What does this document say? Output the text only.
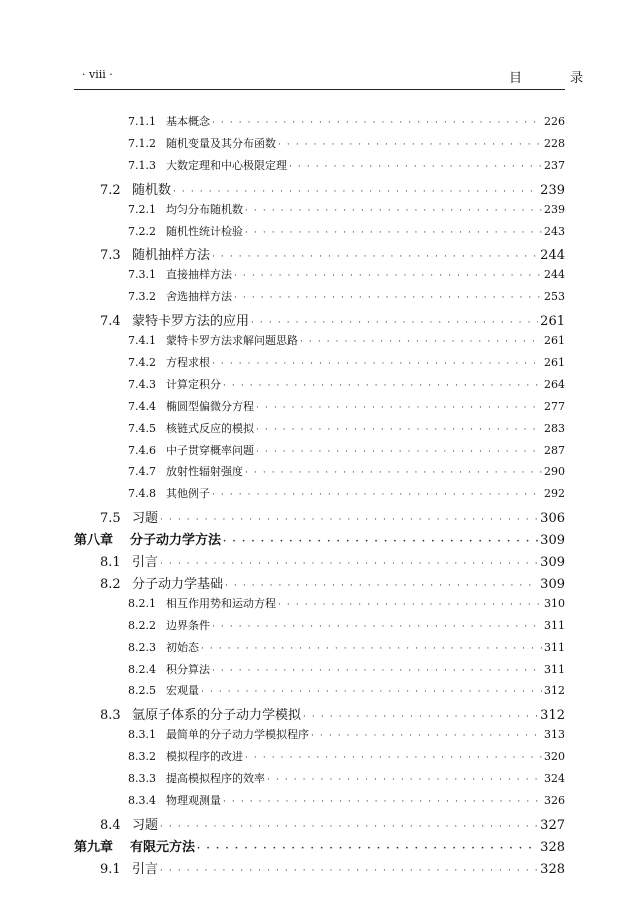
· viii ·	目 录
7.1.1 基本概念 · · ·	226
7.1.2 随机变量及其分布函数 · · ·	228
7.1.3 大数定理和中心极限定理 · · ·	237
7.2 随机数 · · ·	239
7.2.1 均匀分布随机数 · · ·	239
7.2.2 随机性统计检验 · · ·	243
7.3 随机抽样方法 · · ·	244
7.3.1 直接抽样方法 · · ·	244
7.3.2 舍选抽样方法 · · ·	253
7.4 蒙特卡罗方法的应用 · · ·	261
7.4.1 蒙特卡罗方法求解问题思路 · · ·	261
7.4.2 方程求根 · · ·	261
7.4.3 计算定积分 · · ·	264
7.4.4 椭圆型偏微分方程 · · ·	277
7.4.5 核链式反应的模拟 · · ·	283
7.4.6 中子贯穿概率问题 · · ·	287
7.4.7 放射性辐射强度 · · ·	290
7.4.8 其他例子 · · ·	292
7.5 习题 · · ·	306
第八章	分子动力学方法 · · ·	309
8.1 引言 · · ·	309
8.2 分子动力学基础 · · ·	309
8.2.1 相互作用势和运动方程 · · ·	310
8.2.2 边界条件 · · ·	311
8.2.3 初始态 · · ·	311
8.2.4 积分算法 · · ·	311
8.2.5 宏观量 · · ·	312
8.3 氩原子体系的分子动力学模拟 · · ·	312
8.3.1 最简单的分子动力学模拟程序 · · ·	313
8.3.2 模拟程序的改进 · · ·	320
8.3.3 提高模拟程序的效率 · · ·	324
8.3.4 物理观测量 · · ·	326
8.4 习题 · · ·	327
第九章	有限元方法 · · ·	328
9.1 引言 · · ·	328
